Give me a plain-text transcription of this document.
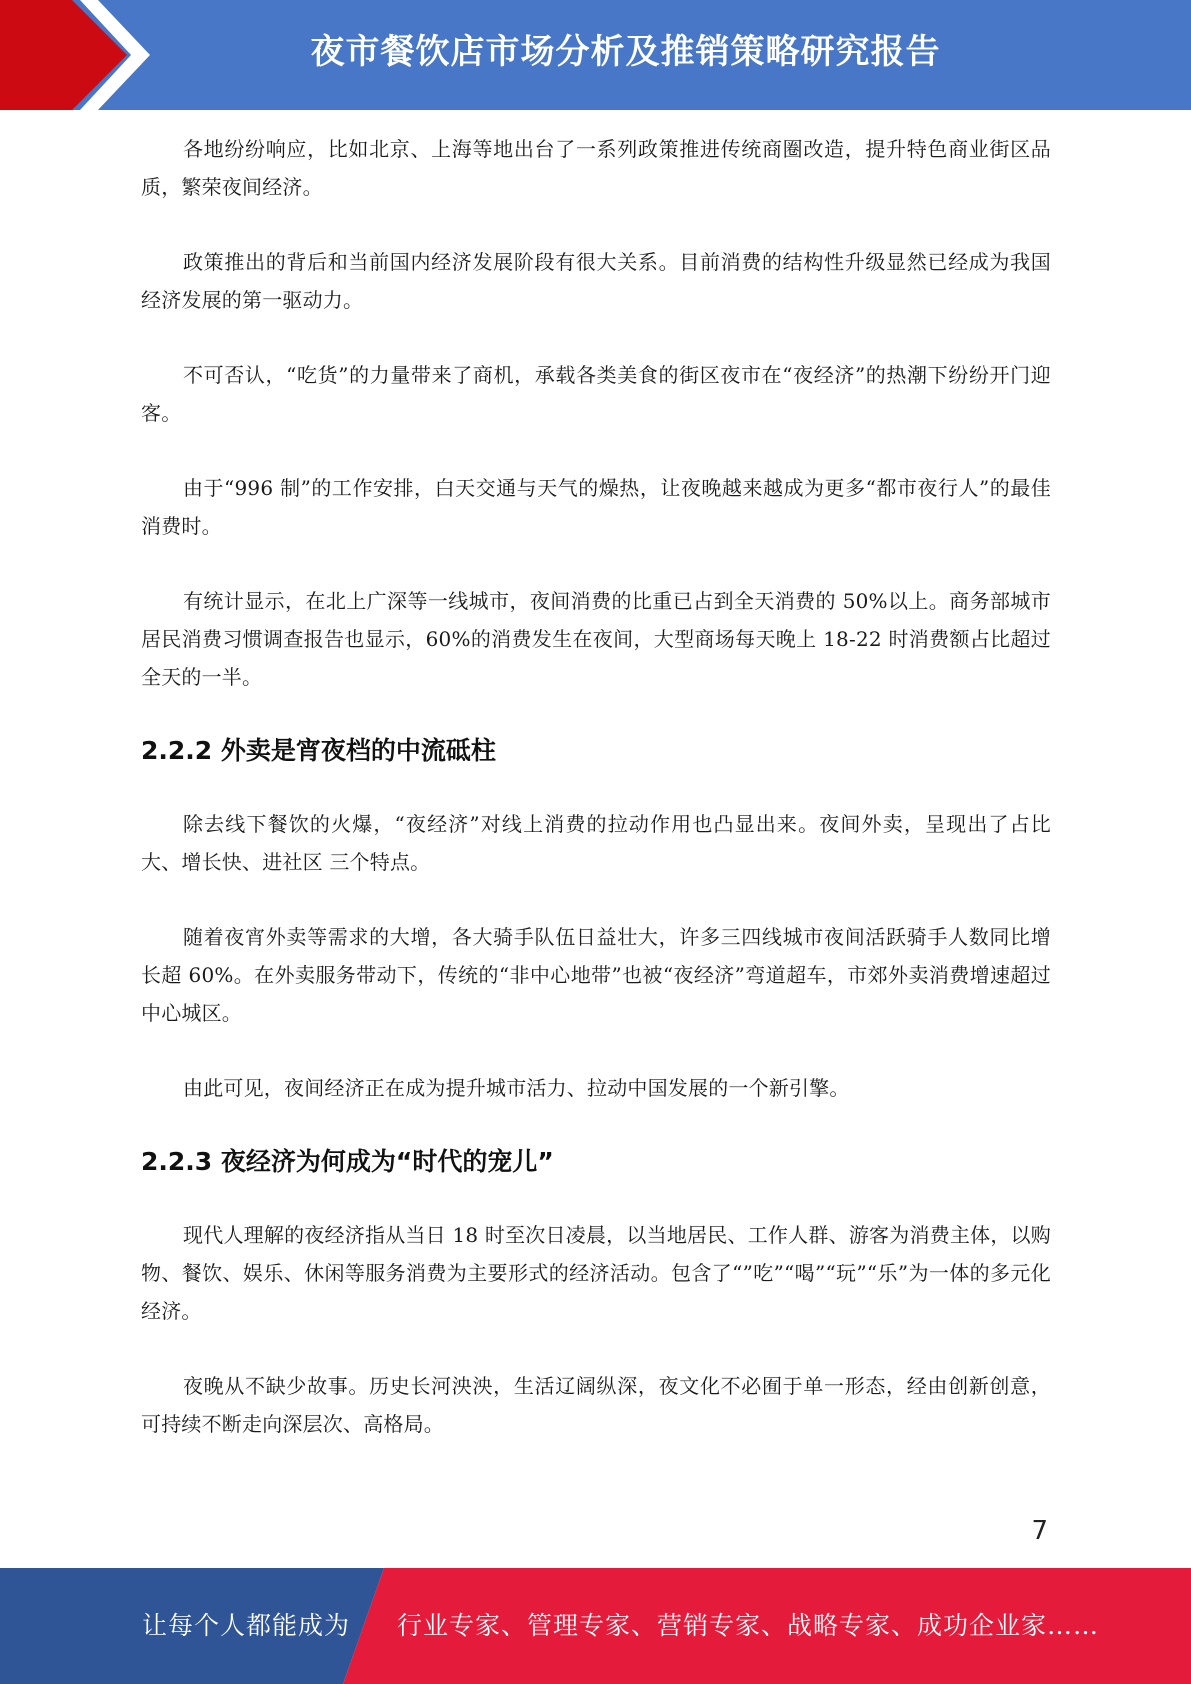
夜市餐饮店市场分析及推销策略研究报告

各地纷纷响应，比如北京、上海等地出台了一系列政策推进传统商圈改造，提升特色商业街区品质，繁荣夜间经济。

政策推出的背后和当前国内经济发展阶段有很大关系。目前消费的结构性升级显然已经成为我国经济发展的第一驱动力。

不可否认，“吃货”的力量带来了商机，承载各类美食的街区夜市在“夜经济”的热潮下纷纷开门迎客。

由于“996 制”的工作安排，白天交通与天气的燥热，让夜晚越来越成为更多“都市夜行人”的最佳消费时。

有统计显示，在北上广深等一线城市，夜间消费的比重已占到全天消费的 50%以上。商务部城市居民消费习惯调查报告也显示，60%的消费发生在夜间，大型商场每天晚上 18-22 时消费额占比超过全天的一半。

2.2.2 外卖是宵夜档的中流砥柱

除去线下餐饮的火爆，“夜经济”对线上消费的拉动作用也凸显出来。夜间外卖，呈现出了占比大、增长快、进社区 三个特点。

随着夜宵外卖等需求的大增，各大骑手队伍日益壮大，许多三四线城市夜间活跃骑手人数同比增长超 60%。在外卖服务带动下，传统的“非中心地带”也被“夜经济”弯道超车，市郊外卖消费增速超过中心城区。

由此可见，夜间经济正在成为提升城市活力、拉动中国发展的一个新引擎。

2.2.3 夜经济为何成为“时代的宠儿”

现代人理解的夜经济指从当日 18 时至次日凌晨，以当地居民、工作人群、游客为消费主体，以购物、餐饮、娱乐、休闲等服务消费为主要形式的经济活动。包含了“”吃”“喝”“玩”“乐”为一体的多元化经济。

夜晚从不缺少故事。历史长河泱泱，生活辽阔纵深，夜文化不必囿于单一形态，经由创新创意，可持续不断走向深层次、高格局。

7
让每个人都能成为 行业专家、管理专家、营销专家、战略专家、成功企业家……
